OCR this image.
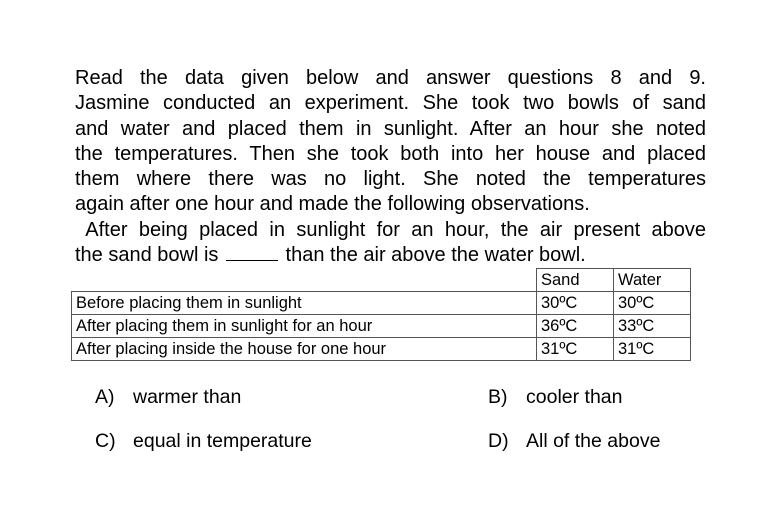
Read the data given below and answer questions 8 and 9.
Jasmine conducted an experiment. She took two bowls of sand
and water and placed them in sunlight. After an hour she noted
the temperatures. Then she took both into her house and placed
them where there was no light. She noted the temperatures
again after one hour and made the following observations.
After being placed in sunlight for an hour, the air present above
the sand bowl is	than the air above the water bowl.
	Sand	Water
Before placing them in sunlight	30ºC	30ºC
After placing them in sunlight for an hour	36ºC	33ºC
After placing inside the house for one hour	31ºC	31ºC
A) warmer than	B) cooler than
C) equal in temperature	D) All of the above
